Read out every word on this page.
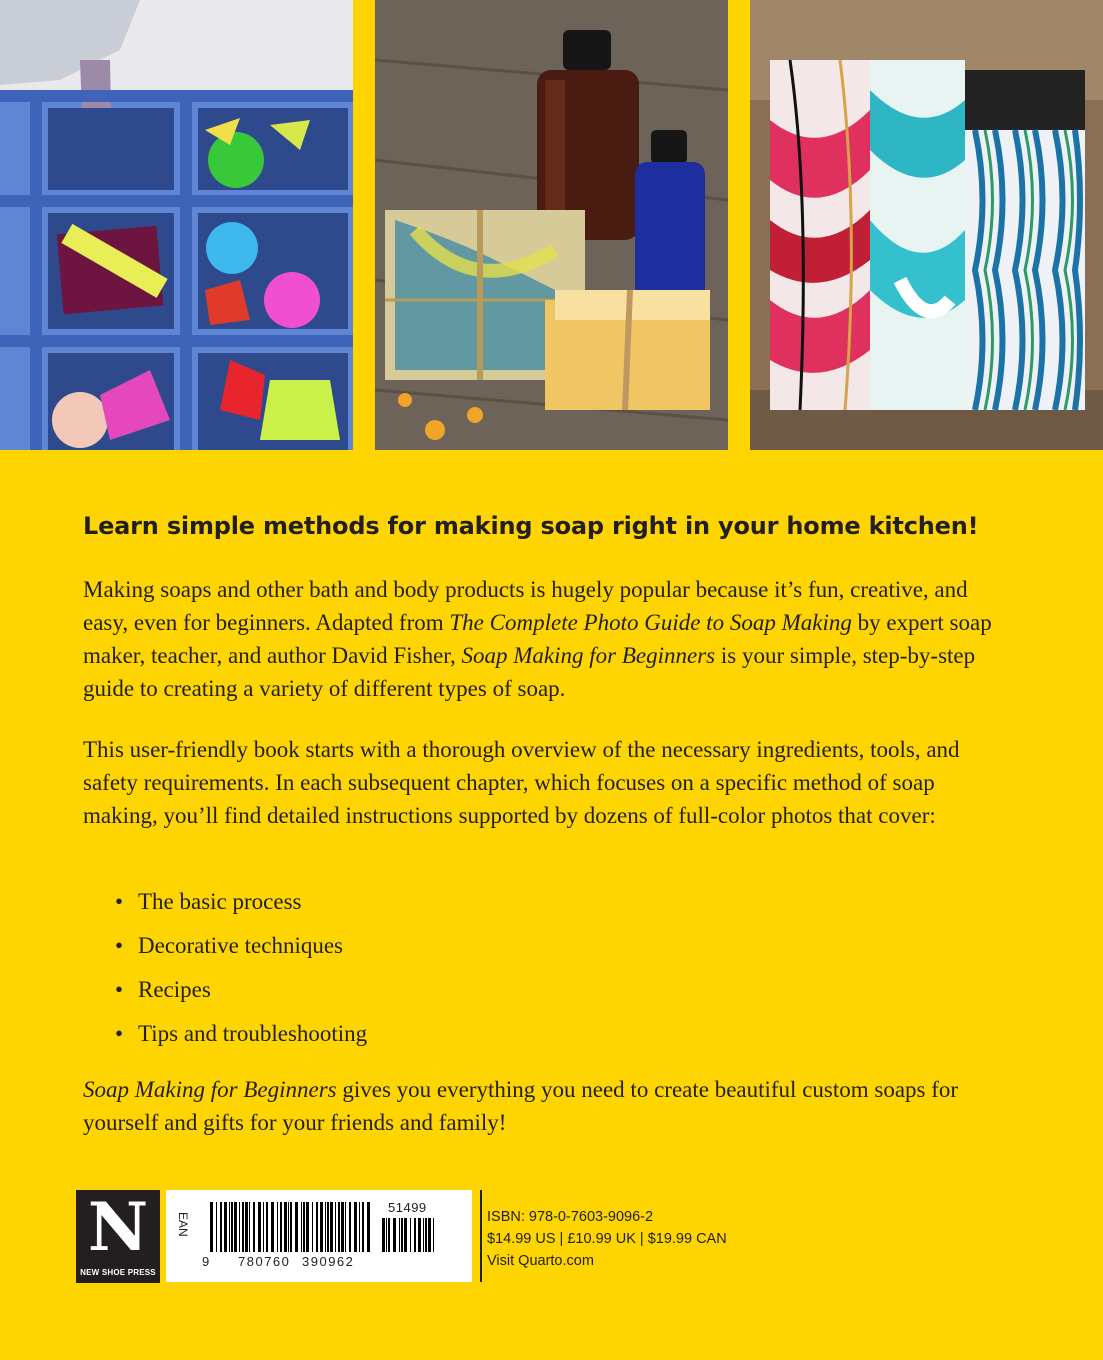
Learn simple methods for making soap right in your home kitchen!

Making soaps and other bath and body products is hugely popular because it’s fun, creative, and easy, even for beginners. Adapted from The Complete Photo Guide to Soap Making by expert soap maker, teacher, and author David Fisher, Soap Making for Beginners is your simple, step-by-step guide to creating a variety of different types of soap.

This user-friendly book starts with a thorough overview of the necessary ingredients, tools, and safety requirements. In each subsequent chapter, which focuses on a specific method of soap making, you’ll find detailed instructions supported by dozens of full-color photos that cover:

• The basic process
• Decorative techniques
• Recipes
• Tips and troubleshooting

Soap Making for Beginners gives you everything you need to create beautiful custom soaps for yourself and gifts for your friends and family!

N
NEW SHOE PRESS
EAN
9 780760 390962
51499
ISBN: 978-0-7603-9096-2
$14.99 US | £10.99 UK | $19.99 CAN
Visit Quarto.com
